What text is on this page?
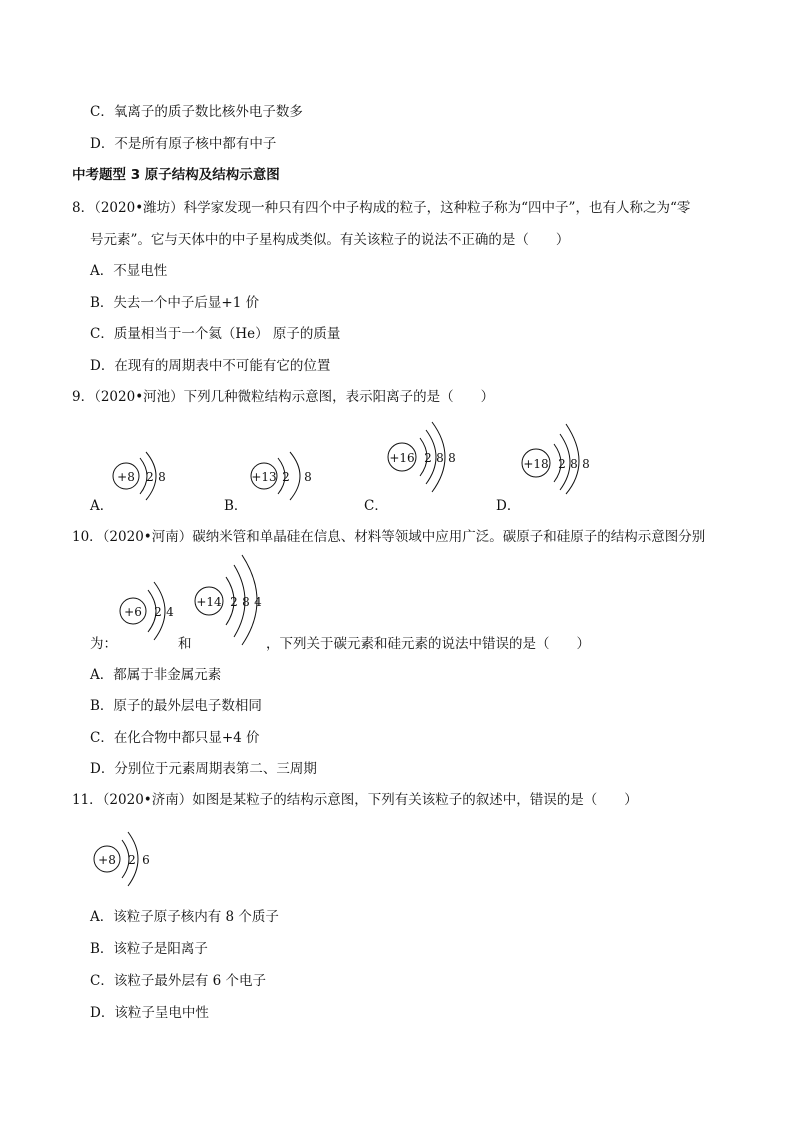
C．氧离子的质子数比核外电子数多
D．不是所有原子核中都有中子
中考题型 3 原子结构及结构示意图
8．（2020•潍坊）科学家发现一种只有四个中子构成的粒子，这种粒子称为“四中子”，也有人称之为“零
号元素”。它与天体中的中子星构成类似。有关该粒子的说法不正确的是（　　）
A．不显电性
B．失去一个中子后显+1 价
C．质量相当于一个氦（He） 原子的质量
D．在现有的周期表中不可能有它的位置
9．（2020•河池）下列几种微粒结构示意图，表示阳离子的是（　　）
A．
+8 2 8
B．
+13 2 8
C．
+16 2 8 8
D．
+18 2 8 8
10．（2020•河南）碳纳米管和单晶硅在信息、材料等领域中应用广泛。碳原子和硅原子的结构示意图分别
+6 2 4
+14 2 8 4
为：	和	，下列关于碳元素和硅元素的说法中错误的是（　　）
A．都属于非金属元素
B．原子的最外层电子数相同
C．在化合物中都只显+4 价
D．分别位于元素周期表第二、三周期
11．（2020•济南）如图是某粒子的结构示意图，下列有关该粒子的叙述中，错误的是（　　）
+8 2 6
A．该粒子原子核内有 8 个质子
B．该粒子是阳离子
C．该粒子最外层有 6 个电子
D．该粒子呈电中性
